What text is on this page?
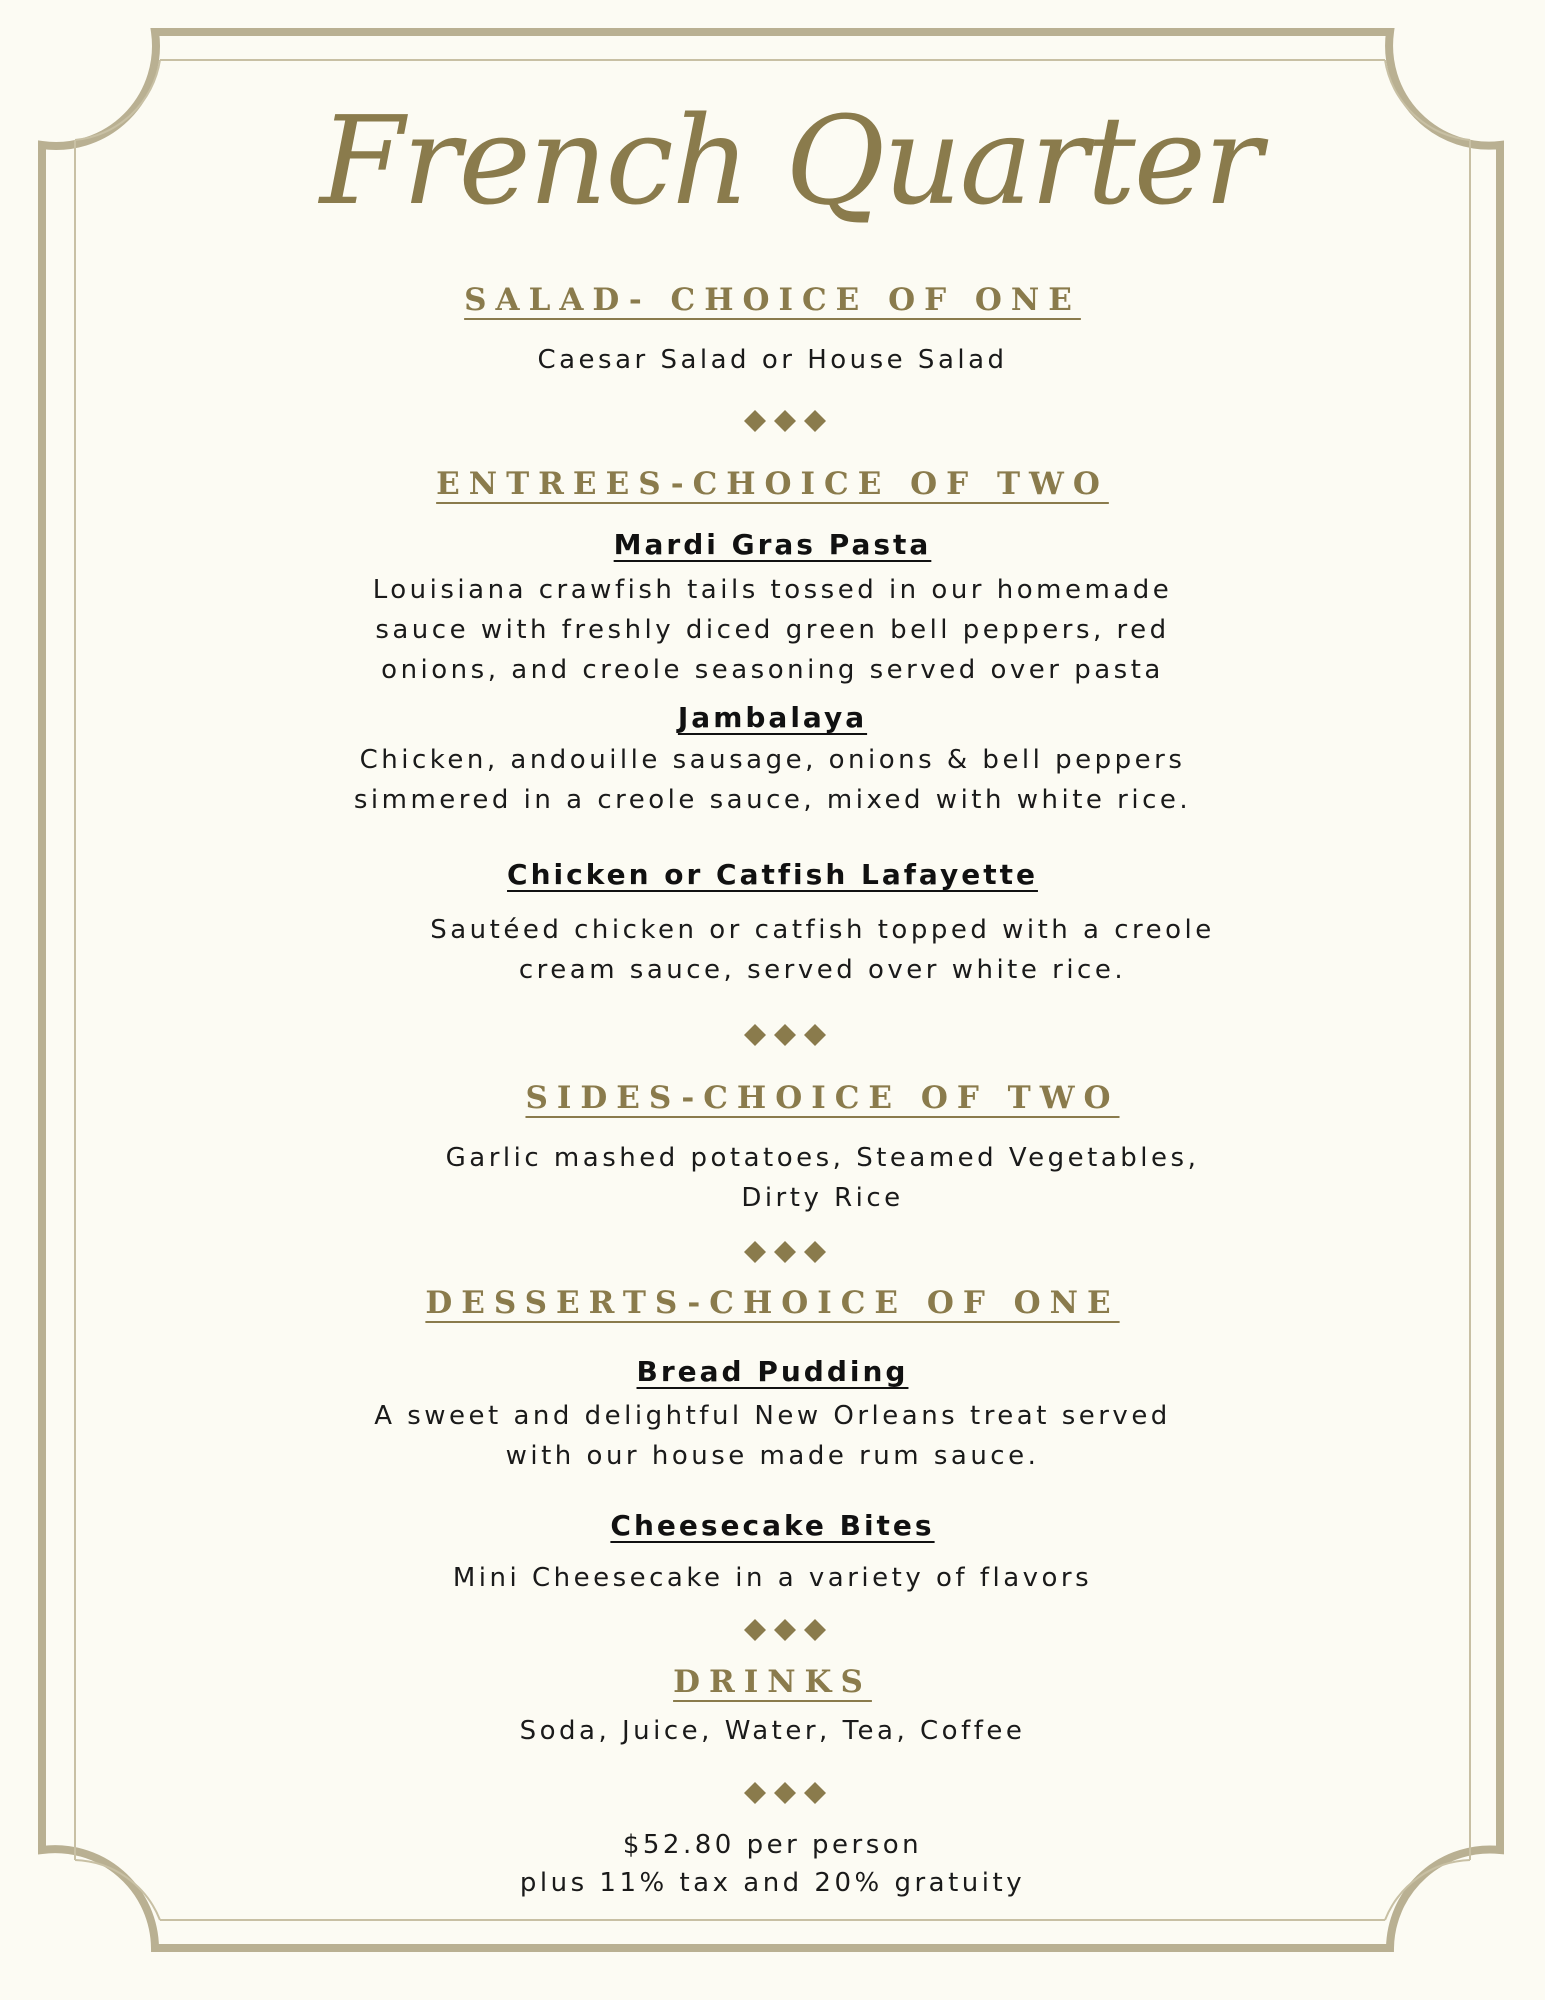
French Quarter
SALAD- CHOICE OF ONE
Caesar Salad or House Salad
ENTREES-CHOICE OF TWO
Mardi Gras Pasta
Louisiana crawfish tails tossed in our homemade
sauce with freshly diced green bell peppers, red
onions, and creole seasoning served over pasta
Jambalaya
Chicken, andouille sausage, onions & bell peppers
simmered in a creole sauce, mixed with white rice.
Chicken or Catfish Lafayette
Sautéed chicken or catfish topped with a creole
cream sauce, served over white rice.
SIDES-CHOICE OF TWO
Garlic mashed potatoes, Steamed Vegetables,
Dirty Rice
DESSERTS-CHOICE OF ONE
Bread Pudding
A sweet and delightful New Orleans treat served
with our house made rum sauce.
Cheesecake Bites
Mini Cheesecake in a variety of flavors
DRINKS
Soda, Juice, Water, Tea, Coffee
$52.80 per person
plus 11% tax and 20% gratuity
